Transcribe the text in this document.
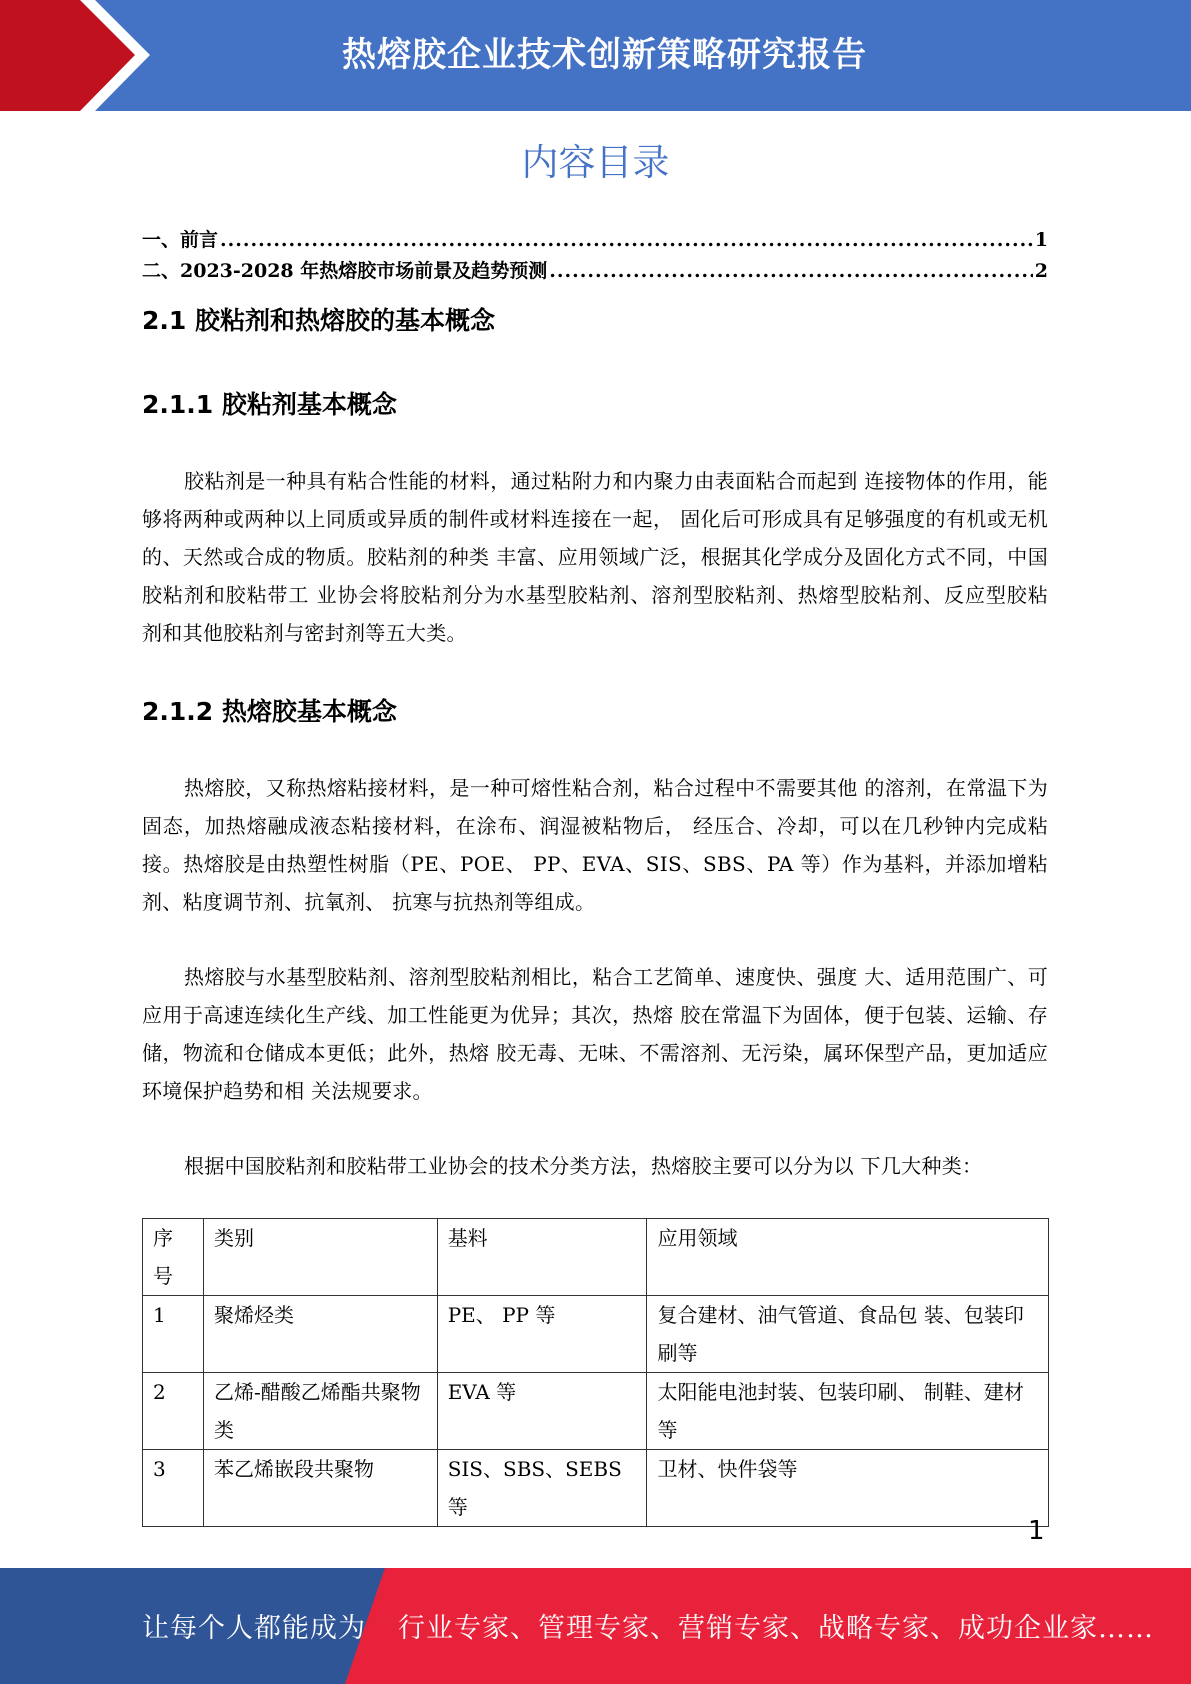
热熔胶企业技术创新策略研究报告
内容目录
一、前言 .....	1
二、2023-2028 年热熔胶市场前景及趋势预测 .....	2
2.1 胶粘剂和热熔胶的基本概念
2.1.1 胶粘剂基本概念

胶粘剂是一种具有粘合性能的材料，通过粘附力和内聚力由表面粘合而起到 连接物体的作用，能够将两种或两种以上同质或异质的制件或材料连接在一起， 固化后可形成具有足够强度的有机或无机的、天然或合成的物质。胶粘剂的种类 丰富、应用领域广泛，根据其化学成分及固化方式不同，中国胶粘剂和胶粘带工 业协会将胶粘剂分为水基型胶粘剂、溶剂型胶粘剂、热熔型胶粘剂、反应型胶粘 剂和其他胶粘剂与密封剂等五大类。

2.1.2 热熔胶基本概念

热熔胶，又称热熔粘接材料，是一种可熔性粘合剂，粘合过程中不需要其他 的溶剂，在常温下为固态，加热熔融成液态粘接材料，在涂布、润湿被粘物后， 经压合、冷却，可以在几秒钟内完成粘接。热熔胶是由热塑性树脂（PE、POE、 PP、EVA、SIS、SBS、PA 等）作为基料，并添加增粘剂、粘度调节剂、抗氧剂、 抗寒与抗热剂等组成。

热熔胶与水基型胶粘剂、溶剂型胶粘剂相比，粘合工艺简单、速度快、强度 大、适用范围广、可应用于高速连续化生产线、加工性能更为优异；其次，热熔 胶在常温下为固体，便于包装、运输、存储，物流和仓储成本更低；此外，热熔 胶无毒、无味、不需溶剂、无污染，属环保型产品，更加适应环境保护趋势和相 关法规要求。

根据中国胶粘剂和胶粘带工业协会的技术分类方法，热熔胶主要可以分为以 下几大种类：

序号	类别	基料	应用领域
1	聚烯烃类	PE、 PP 等	复合建材、油气管道、食品包 装、包装印刷等
2	乙烯-醋酸乙烯酯共聚物类	EVA 等	太阳能电池封装、包装印刷、 制鞋、建材等
3	苯乙烯嵌段共聚物	SIS、SBS、SEBS 等	卫材、快件袋等
1
让每个人都能成为 行业专家、管理专家、营销专家、战略专家、成功企业家……
